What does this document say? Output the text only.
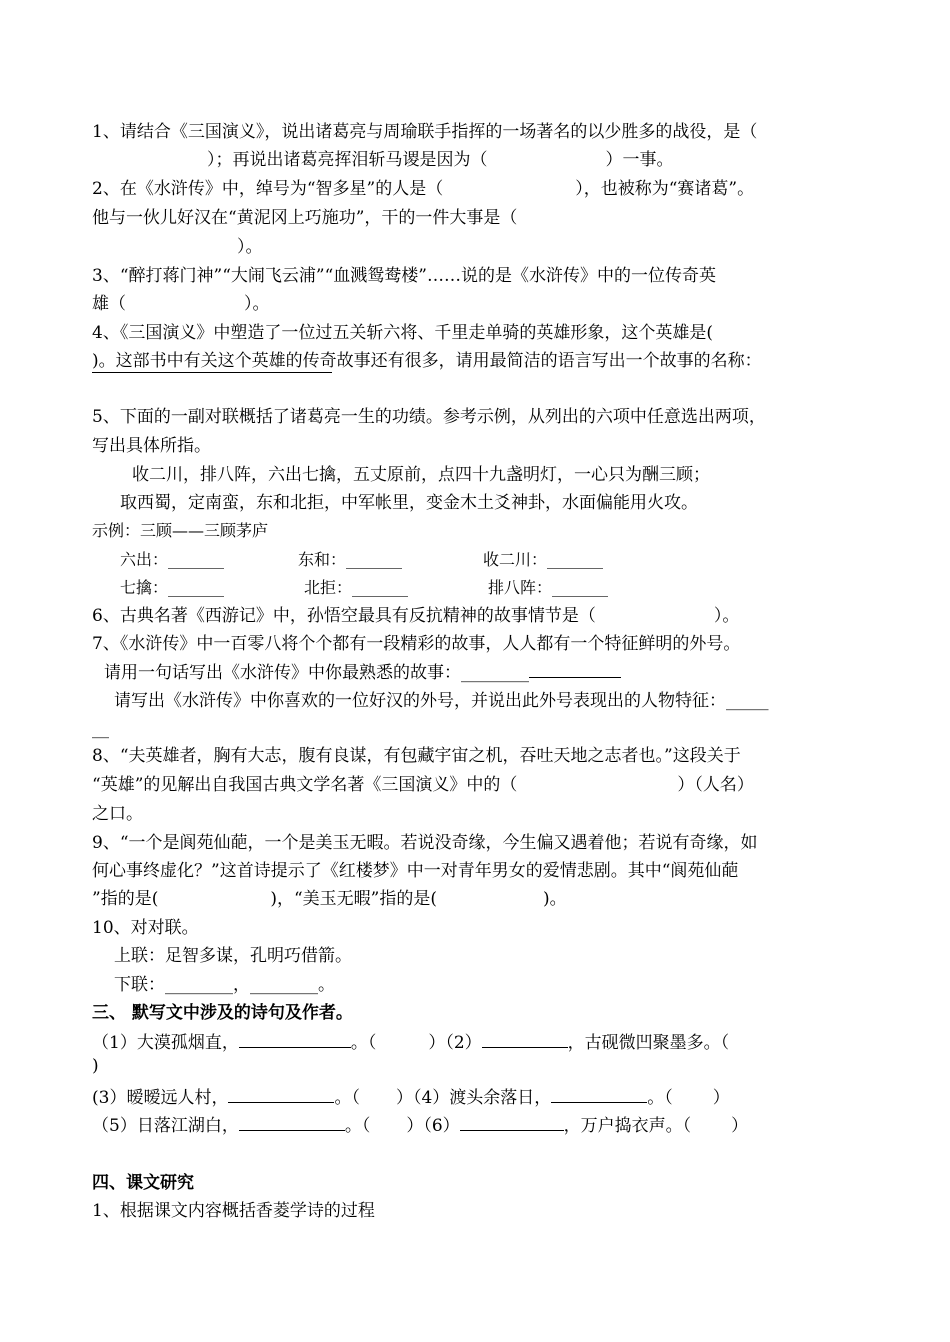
1、请结合《三国演义》，说出诸葛亮与周瑜联手指挥的一场著名的以少胜多的战役，是（
）；再说出诸葛亮挥泪斩马谡是因为（	）一事。
2、在《水浒传》中，绰号为“智多星”的人是（	），也被称为“赛诸葛”。
他与一伙儿好汉在“黄泥冈上巧施功”，干的一件大事是（
）。
3、“醉打蒋门神”“大闹飞云浦”“血溅鸳鸯楼”……说的是《水浒传》中的一位传奇英
雄（	）。
4、《三国演义》中塑造了一位过五关斩六将、千里走单骑的英雄形象，这个英雄是(
)。这部书中有关这个英雄的传奇故事还有很多，请用最简洁的语言写出一个故事的名称：
5、下面的一副对联概括了诸葛亮一生的功绩。参考示例，从列出的六项中任意选出两项，
写出具体所指。
收二川，排八阵，六出七擒，五丈原前，点四十九盏明灯，一心只为酬三顾；
取西蜀，定南蛮，东和北拒，中军帐里，变金木土爻神卦，水面偏能用火攻。
示例：三顾——三顾茅庐
六出：_______	东和：_______	收二川：_______
七擒：_______	北拒：_______	排八阵：_______
6、古典名著《西游记》中，孙悟空最具有反抗精神的故事情节是（	）。
7、《水浒传》中一百零八将个个都有一段精彩的故事，人人都有一个特征鲜明的外号。
请用一句话写出《水浒传》中你最熟悉的故事：________
请写出《水浒传》中你喜欢的一位好汉的外号，并说出此外号表现出的人物特征：_____
__
8、“夫英雄者，胸有大志，腹有良谋，有包藏宇宙之机，吞吐天地之志者也。”这段关于
“英雄”的见解出自我国古典文学名著《三国演义》中的（	）（人名）
之口。
9、“一个是阆苑仙葩，一个是美玉无暇。若说没奇缘，今生偏又遇着他；若说有奇缘，如
何心事终虚化？”这首诗提示了《红楼梦》中一对青年男女的爱情悲剧。其中“阆苑仙葩
”指的是(	)，“美玉无暇”指的是(	)。
10、对对联。
上联：足智多谋，孔明巧借箭。
下联：________，________。
三、 默写文中涉及的诗句及作者。
（1）大漠孤烟直，	。（	）（2）	，古砚微凹聚墨多。（
)
(3）暧暧远人村，	。（ ）（4）渡头余落日，	。（ ）
（5）日落江湖白，	。（ ）（6）	，万户捣衣声。（ ）
四、课文研究
1、根据课文内容概括香菱学诗的过程
